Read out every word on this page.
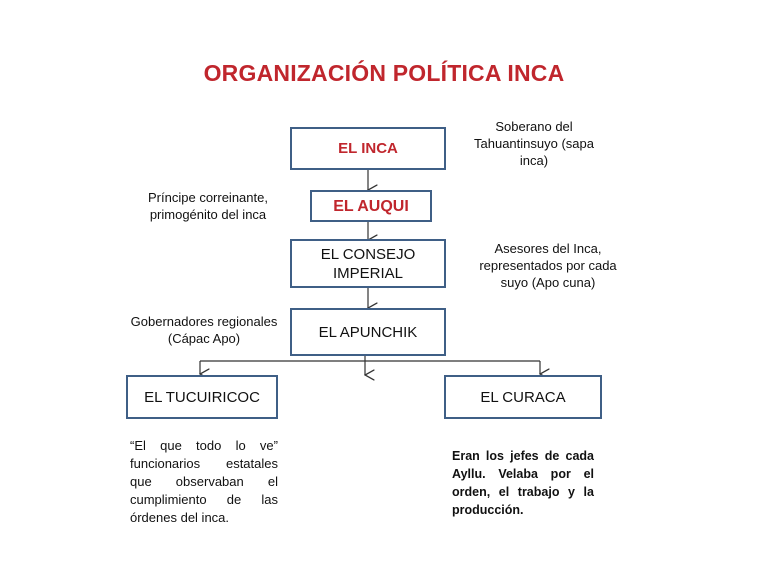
ORGANIZACIÓN POLÍTICA INCA
EL INCA
EL AUQUI
EL CONSEJO IMPERIAL
EL APUNCHIK
EL TUCUIRICOC	EL CURACA
Soberano del Tahuantinsuyo (sapa inca)
Príncipe correinante, primogénito del inca
Asesores del Inca, representados por cada suyo (Apo cuna)
Gobernadores regionales (Cápac Apo)
“El que todo lo ve” funcionarios estatales que observaban el cumplimiento de las órdenes del inca.
Eran los jefes de cada Ayllu. Velaba por el orden, el trabajo y la producción.
